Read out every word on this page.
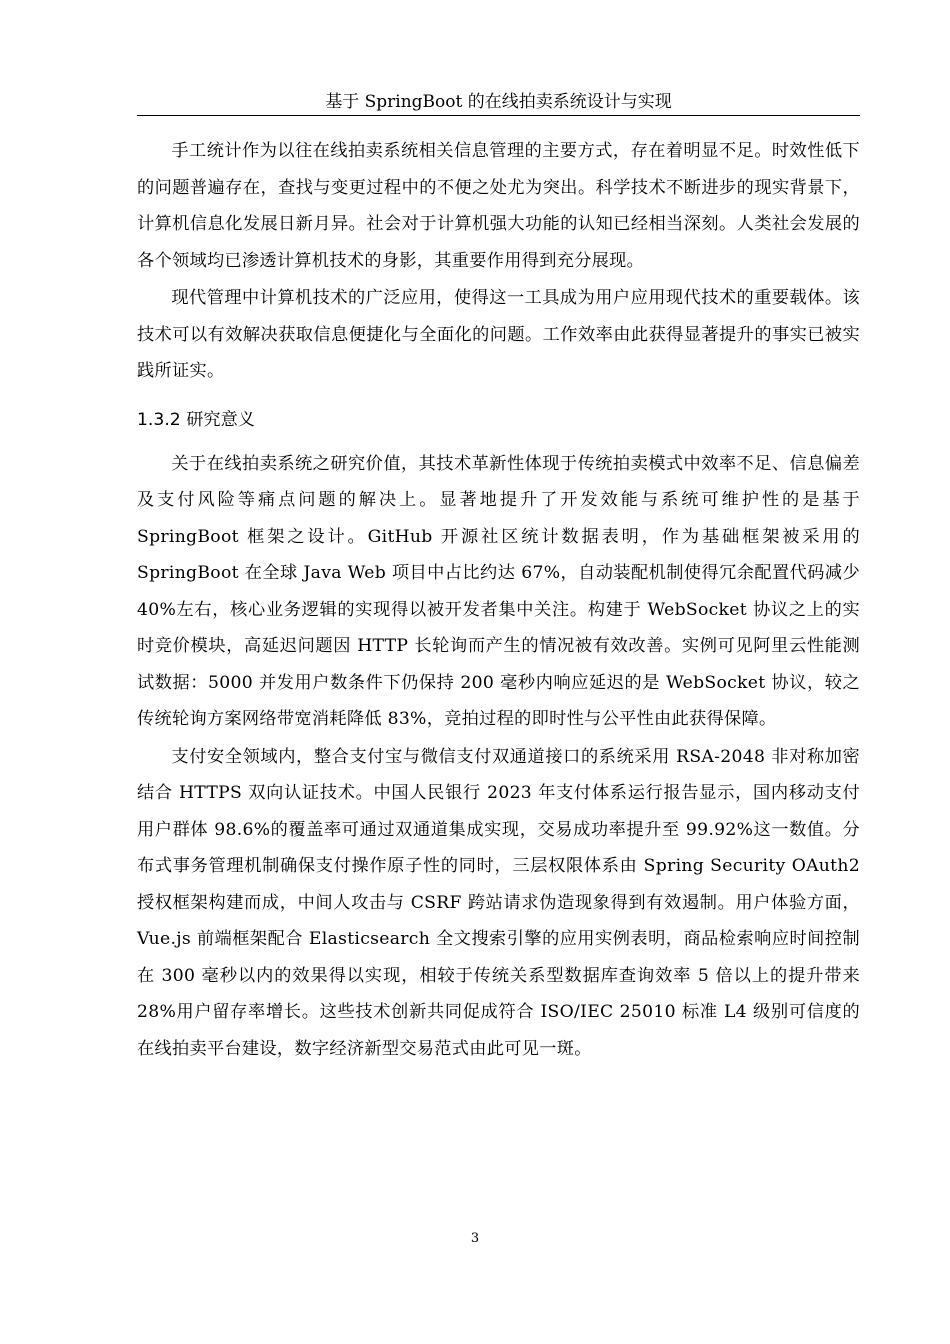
基于 SpringBoot 的在线拍卖系统设计与实现

手工统计作为以往在线拍卖系统相关信息管理的主要方式，存在着明显不足。时效性低下的问题普遍存在，查找与变更过程中的不便之处尤为突出。科学技术不断进步的现实背景下，计算机信息化发展日新月异。社会对于计算机强大功能的认知已经相当深刻。人类社会发展的各个领域均已渗透计算机技术的身影，其重要作用得到充分展现。

现代管理中计算机技术的广泛应用，使得这一工具成为用户应用现代技术的重要载体。该技术可以有效解决获取信息便捷化与全面化的问题。工作效率由此获得显著提升的事实已被实践所证实。

1.3.2 研究意义

关于在线拍卖系统之研究价值，其技术革新性体现于传统拍卖模式中效率不足、信息偏差及支付风险等痛点问题的解决上。显著地提升了开发效能与系统可维护性的是基于 SpringBoot 框架之设计。GitHub 开源社区统计数据表明，作为基础框架被采用的 SpringBoot 在全球 Java Web 项目中占比约达 67%，自动装配机制使得冗余配置代码减少 40%左右，核心业务逻辑的实现得以被开发者集中关注。构建于 WebSocket 协议之上的实时竞价模块，高延迟问题因 HTTP 长轮询而产生的情况被有效改善。实例可见阿里云性能测试数据：5000 并发用户数条件下仍保持 200 毫秒内响应延迟的是 WebSocket 协议，较之传统轮询方案网络带宽消耗降低 83%，竞拍过程的即时性与公平性由此获得保障。

支付安全领域内，整合支付宝与微信支付双通道接口的系统采用 RSA-2048 非对称加密结合 HTTPS 双向认证技术。中国人民银行 2023 年支付体系运行报告显示，国内移动支付用户群体 98.6%的覆盖率可通过双通道集成实现，交易成功率提升至 99.92%这一数值。分布式事务管理机制确保支付操作原子性的同时，三层权限体系由 Spring Security OAuth2 授权框架构建而成，中间人攻击与 CSRF 跨站请求伪造现象得到有效遏制。用户体验方面，Vue.js 前端框架配合 Elasticsearch 全文搜索引擎的应用实例表明，商品检索响应时间控制在 300 毫秒以内的效果得以实现，相较于传统关系型数据库查询效率 5 倍以上的提升带来 28%用户留存率增长。这些技术创新共同促成符合 ISO/IEC 25010 标准 L4 级别可信度的在线拍卖平台建设，数字经济新型交易范式由此可见一斑。

3
